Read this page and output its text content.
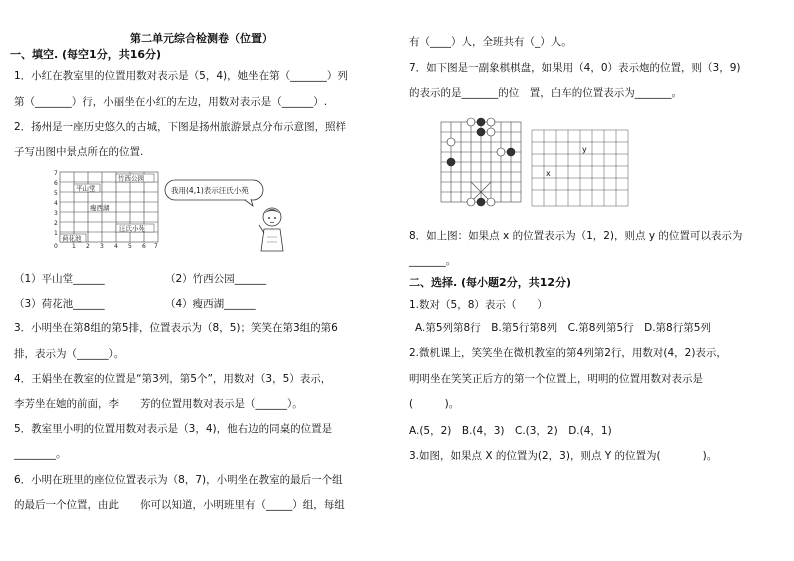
第二单元综合检测卷（位置）
一、填空. (每空1分，共16分)
1．小红在教室里的位置用数对表示是（5，4)，她坐在第（_______）列
第（_______）行，小丽坐在小红的左边，用数对表示是（______）.
2．扬州是一座历史悠久的古城，下图是扬州旅游景点分布示意图，照样
子写出图中景点所在的位置.
7
6
5
4
3
2
1
0 1 2 3 4 5 6 7
竹西公园
平山堂
瘦西湖
汪氏小苑
荷花池
我用(4,1)表示汪氏小苑
（1）平山堂______	（2）竹西公园______
（3）荷花池______	（4）瘦西湖______
3．小明坐在第8组的第5排，位置表示为（8，5)；笑笑在第3组的第6
排，表示为（______）。
4．王娟坐在教室的位置是“第3列，第5个”，用数对（3，5）表示，
李芳坐在她的前面，李　　芳的位置用数对表示是（______）。
5．教室里小明的位置用数对表示是（3，4)，他右边的同桌的位置是
________。
6．小明在班里的座位位置表示为（8，7)，小明坐在教室的最后一个组
的最后一个位置，由此　　你可以知道，小明班里有（_____）组，每组
有（____）人，全班共有（_）人。
7．如下图是一副象棋棋盘，如果用（4，0）表示炮的位置，则（3，9)
的表示的是_______的位　置，白车的位置表示为_______。
x
y
8．如上图：如果点 x 的位置表示为（1，2)，则点 y 的位置可以表示为
_______。
二、选择. (每小题2分，共12分)
1.数对（5，8）表示（　　）
A.第5列第8行　B.第5行第8列　C.第8列第5行　D.第8行第5列
2.微机课上，笑笑坐在微机教室的第4列第2行，用数对(4，2)表示，
明明坐在笑笑正后方的第一个位置上，明明的位置用数对表示是
(　　　)。
A.(5，2)　B.(4，3)　C.(3，2)　D.(4，1)
3.如图，如果点 X 的位置为(2，3)，则点 Y 的位置为(　　　　)。
